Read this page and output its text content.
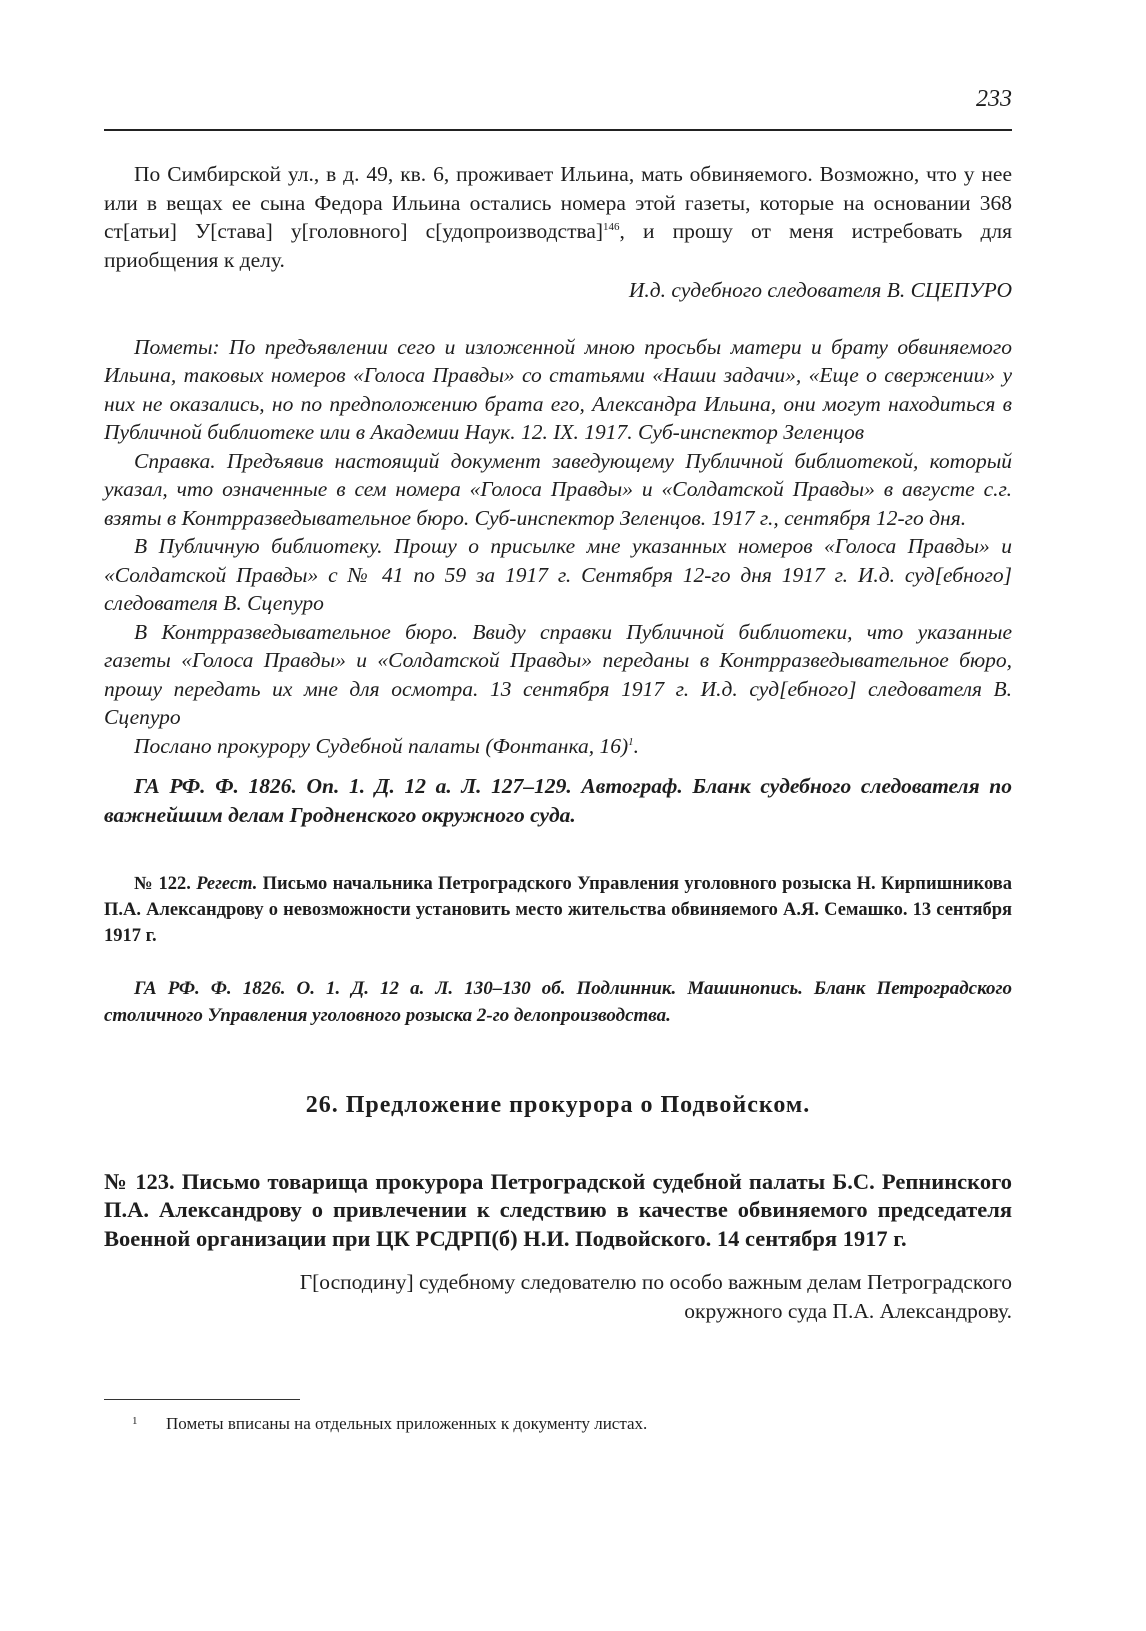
233

По Симбирской ул., в д. 49, кв. 6, проживает Ильина, мать обвиняемого. Возможно, что у нее или в вещах ее сына Федора Ильина остались номера этой газеты, которые на основании 368 ст[атьи] У[става] у[головного] с[удопроизводства]$^{146}$, и прошу от меня истребовать для приобщения к делу.

И.д. судебного следователя В. СЦЕПУРО

Пометы: По предъявлении сего и изложенной мною просьбы матери и брату обвиняемого Ильина, таковых номеров «Голоса Правды» со статьями «Наши задачи», «Еще о свержении» у них не оказались, но по предположению брата его, Александра Ильина, они могут находиться в Публичной библиотеке или в Академии Наук. 12. IX. 1917. Суб-инспектор Зеленцов

Справка. Предъявив настоящий документ заведующему Публичной библиотекой, который указал, что означенные в сем номера «Голоса Правды» и «Солдатской Правды» в августе с.г. взяты в Контрразведывательное бюро. Суб-инспектор Зеленцов. 1917 г., сентября 12-го дня.

В Публичную библиотеку. Прошу о присылке мне указанных номеров «Голоса Правды» и «Солдатской Правды» с № 41 по 59 за 1917 г. Сентября 12-го дня 1917 г. И.д. суд[ебного] следователя В. Сцепуро

В Контрразведывательное бюро. Ввиду справки Публичной библиотеки, что указанные газеты «Голоса Правды» и «Солдатской Правды» переданы в Контрразведывательное бюро, прошу передать их мне для осмотра. 13 сентября 1917 г. И.д. суд[ебного] следователя В. Сцепуро

Послано прокурору Судебной палаты (Фонтанка, 16)$^1$.

ГА РФ. Ф. 1826. Оп. 1. Д. 12 а. Л. 127–129. Автограф. Бланк судебного следователя по важнейшим делам Гродненского окружного суда.

№ 122. Регест. Письмо начальника Петроградского Управления уголовного розыска Н. Кирпишникова П.А. Александрову о невозможности установить место жительства обвиняемого А.Я. Семашко. 13 сентября 1917 г.

ГА РФ. Ф. 1826. О. 1. Д. 12 а. Л. 130–130 об. Подлинник. Машинопись. Бланк Петроградского столичного Управления уголовного розыска 2-го делопроизводства.

26. Предложение прокурора о Подвойском.

№ 123. Письмо товарища прокурора Петроградской судебной палаты Б.С. Репнинского П.А. Александрову о привлечении к следствию в качестве обвиняемого председателя Военной организации при ЦК РСДРП(б) Н.И. Подвойского. 14 сентября 1917 г.

Г[осподину] судебному следователю по особо важным делам Петроградского
окружного суда П.А. Александрову.
1 Пометы вписаны на отдельных приложенных к документу листах.
